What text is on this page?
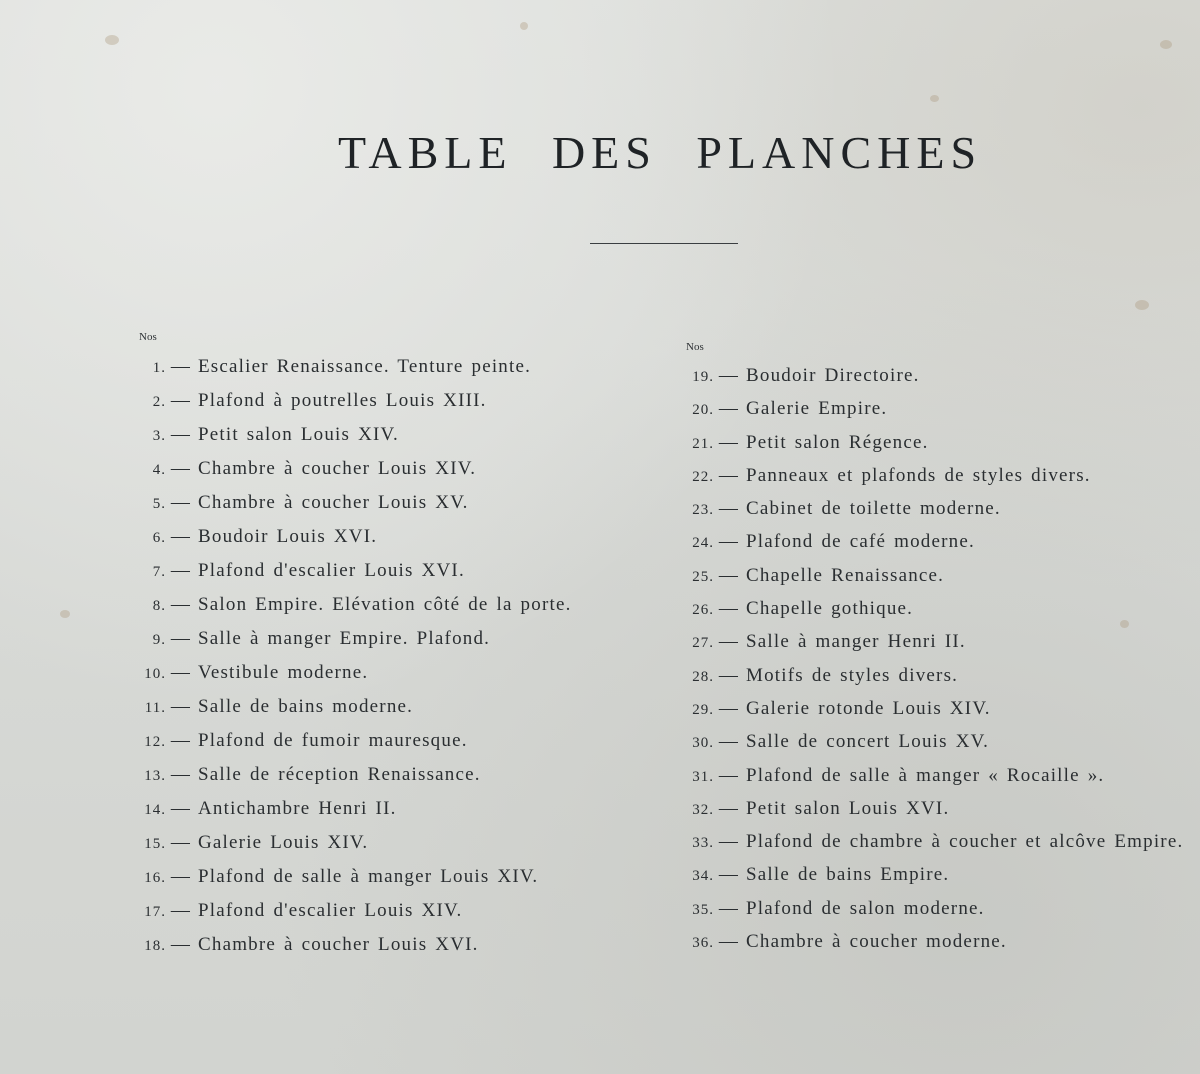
TABLE DES PLANCHES
Nos
Nos
1. — Escalier Renaissance. Tenture peinte.
2. — Plafond à poutrelles Louis XIII.
3. — Petit salon Louis XIV.
4. — Chambre à coucher Louis XIV.
5. — Chambre à coucher Louis XV.
6. — Boudoir Louis XVI.
7. — Plafond d'escalier Louis XVI.
8. — Salon Empire. Elévation côté de la porte.
9. — Salle à manger Empire. Plafond.
10. — Vestibule moderne.
11. — Salle de bains moderne.
12. — Plafond de fumoir mauresque.
13. — Salle de réception Renaissance.
14. — Antichambre Henri II.
15. — Galerie Louis XIV.
16. — Plafond de salle à manger Louis XIV.
17. — Plafond d'escalier Louis XIV.
18. — Chambre à coucher Louis XVI.
19. — Boudoir Directoire.
20. — Galerie Empire.
21. — Petit salon Régence.
22. — Panneaux et plafonds de styles divers.
23. — Cabinet de toilette moderne.
24. — Plafond de café moderne.
25. — Chapelle Renaissance.
26. — Chapelle gothique.
27. — Salle à manger Henri II.
28. — Motifs de styles divers.
29. — Galerie rotonde Louis XIV.
30. — Salle de concert Louis XV.
31. — Plafond de salle à manger « Rocaille ».
32. — Petit salon Louis XVI.
33. — Plafond de chambre à coucher et alcôve Empire.
34. — Salle de bains Empire.
35. — Plafond de salon moderne.
36. — Chambre à coucher moderne.
